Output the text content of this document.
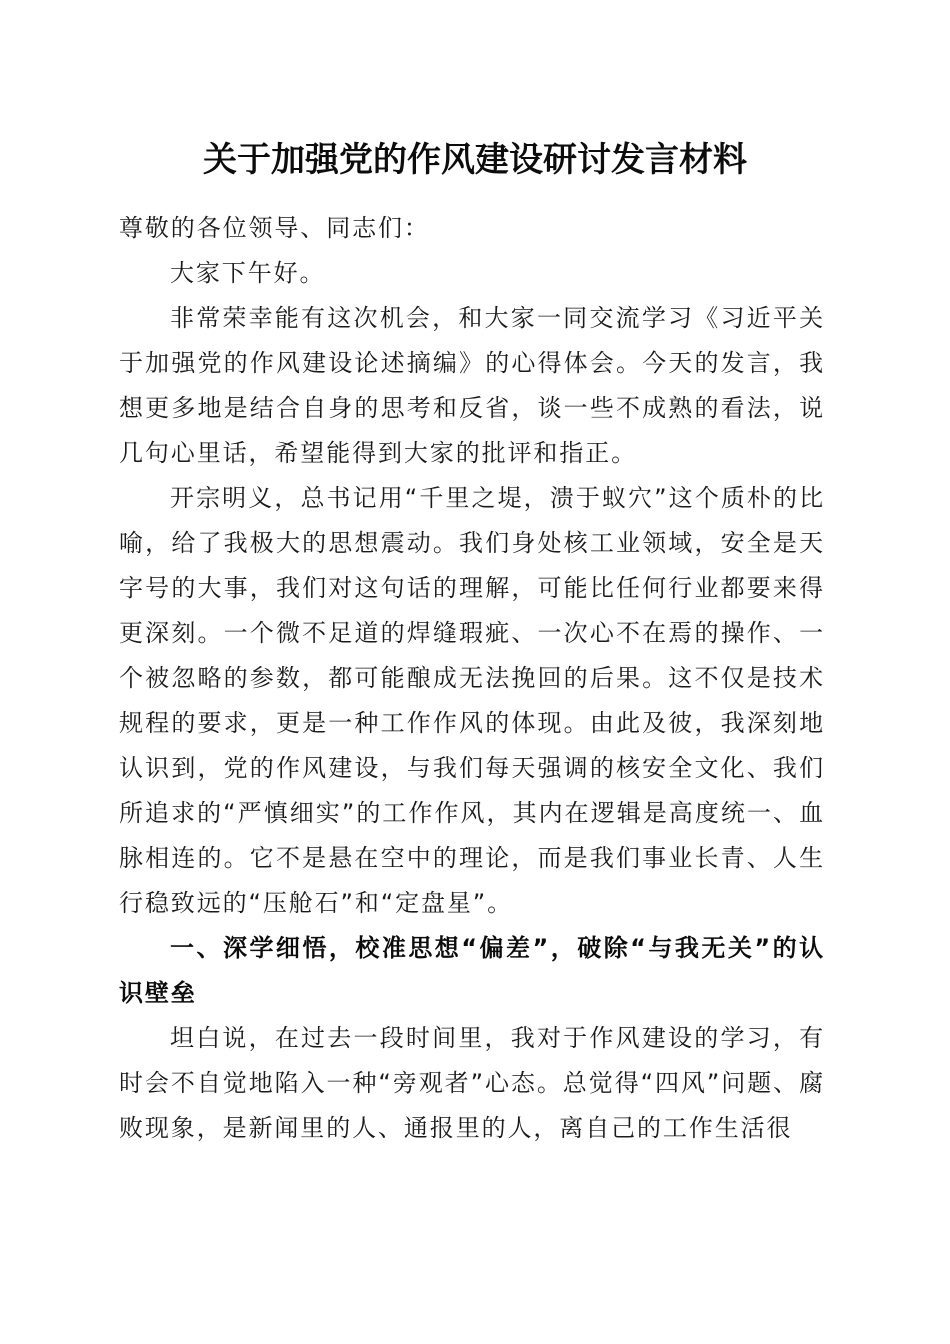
关于加强党的作风建设研讨发言材料

尊敬的各位领导、同志们：

大家下午好。

非常荣幸能有这次机会，和大家一同交流学习《习近平关于加强党的作风建设论述摘编》的心得体会。今天的发言，我想更多地是结合自身的思考和反省，谈一些不成熟的看法，说几句心里话，希望能得到大家的批评和指正。

开宗明义，总书记用“千里之堤，溃于蚁穴”这个质朴的比喻，给了我极大的思想震动。我们身处核工业领域，安全是天字号的大事，我们对这句话的理解，可能比任何行业都要来得更深刻。一个微不足道的焊缝瑕疵、一次心不在焉的操作、一个被忽略的参数，都可能酿成无法挽回的后果。这不仅是技术规程的要求，更是一种工作作风的体现。由此及彼，我深刻地认识到，党的作风建设，与我们每天强调的核安全文化、我们所追求的“严慎细实”的工作作风，其内在逻辑是高度统一、血脉相连的。它不是悬在空中的理论，而是我们事业长青、人生行稳致远的“压舱石”和“定盘星”。

一、深学细悟，校准思想“偏差”，破除“与我无关”的认识壁垒

坦白说，在过去一段时间里，我对于作风建设的学习，有时会不自觉地陷入一种“旁观者”心态。总觉得“四风”问题、腐败现象，是新闻里的人、通报里的人，离自己的工作生活很
